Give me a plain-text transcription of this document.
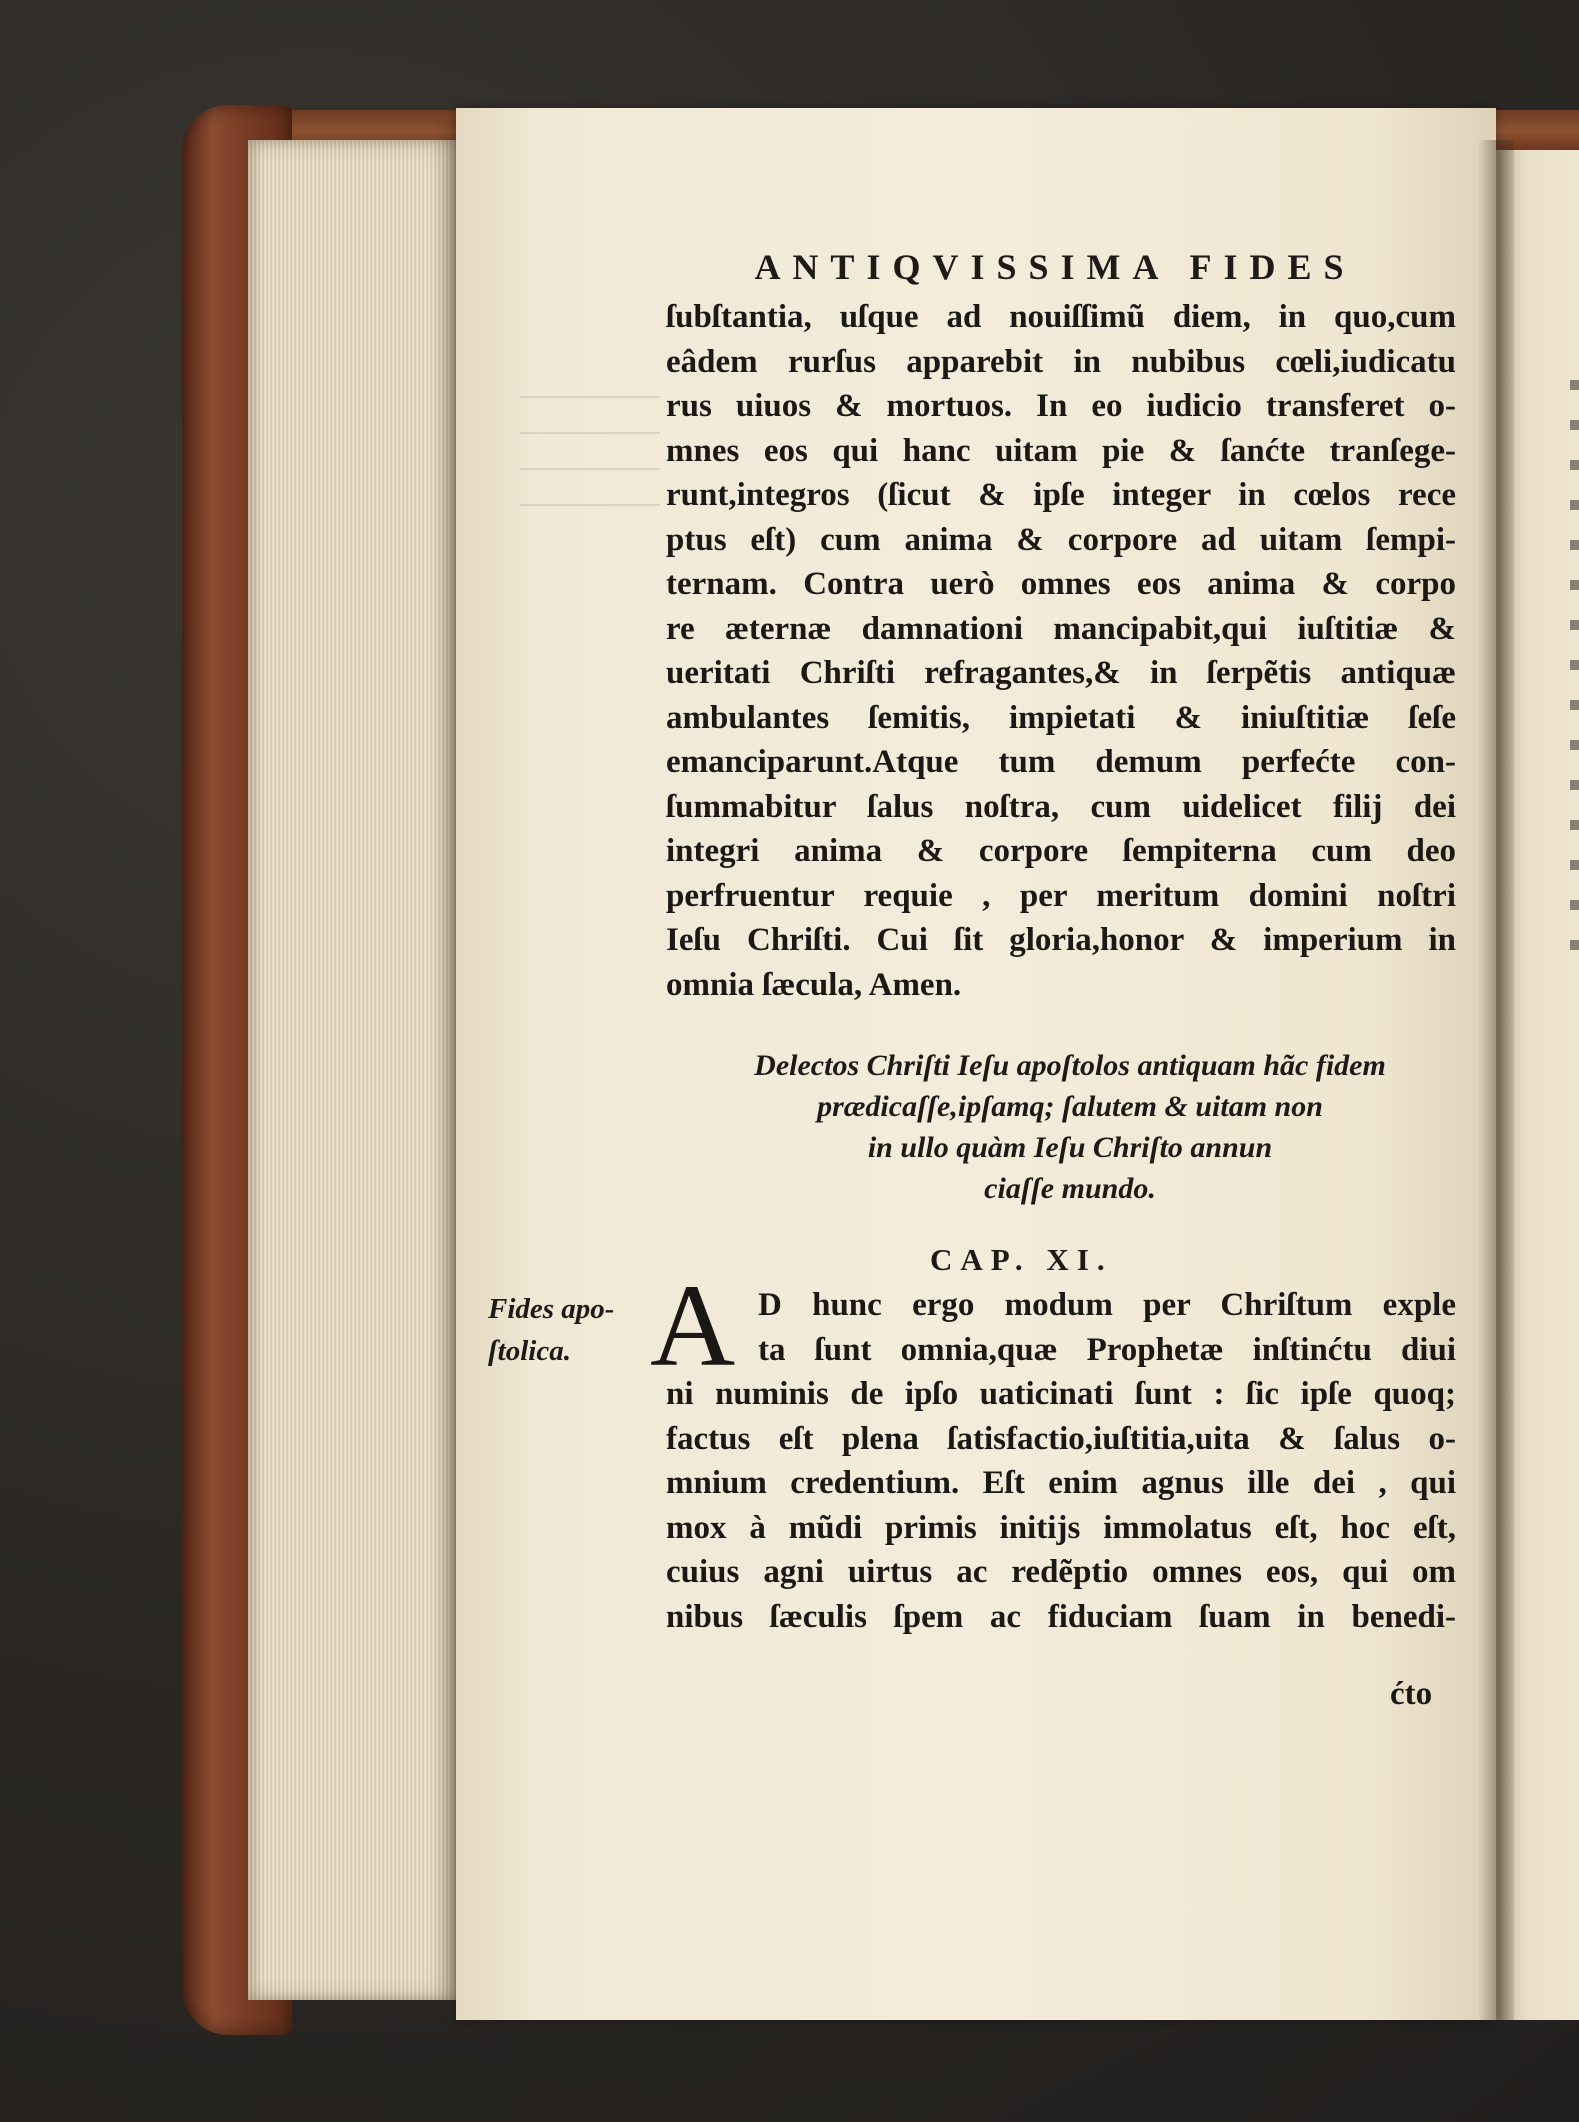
ANTIQVISSIMA FIDES
ſubſtantia, uſque ad nouiſſimũ diem, in quo,cum
eâdem rurſus apparebit in nubibus cœli,iudicatu
rus uiuos & mortuos. In eo iudicio transferet o-
mnes eos qui hanc uitam pie & ſanćte tranſege-
runt,integros (ſicut & ipſe integer in cœlos rece
ptus eſt) cum anima & corpore ad uitam ſempi-
ternam. Contra uerò omnes eos anima & corpo
re æternæ damnationi mancipabit,qui iuſtitiæ &
ueritati Chriſti refragantes,& in ſerpẽtis antiquæ
ambulantes ſemitis, impietati & iniuſtitiæ ſeſe
emanciparunt.Atque tum demum perfećte con-
ſummabitur ſalus noſtra, cum uidelicet filij dei
integri anima & corpore ſempiterna cum deo
perfruentur requie , per meritum domini noſtri
Ieſu Chriſti. Cui ſit gloria,honor & imperium in
omnia ſæcula, Amen.
Delectos Chriſti Ieſu apoſtolos antiquam hãc fidem
prædicaſſe,ipſamq; ſalutem & uitam non
in ullo quàm Ieſu Chriſto annun
ciaſſe mundo.
CAP. XI.
Fides apo-
ſtolica. A D hunc ergo modum per Chriſtum exple
ta ſunt omnia,quæ Prophetæ inſtinćtu diui
ni numinis de ipſo uaticinati ſunt : ſic ipſe quoq;
factus eſt plena ſatisfactio,iuſtitia,uita & ſalus o-
mnium credentium. Eſt enim agnus ille dei , qui
mox à mũdi primis initijs immolatus eſt, hoc eſt,
cuius agni uirtus ac redẽptio omnes eos, qui om
nibus ſæculis ſpem ac fiduciam ſuam in benedi-
ćto
